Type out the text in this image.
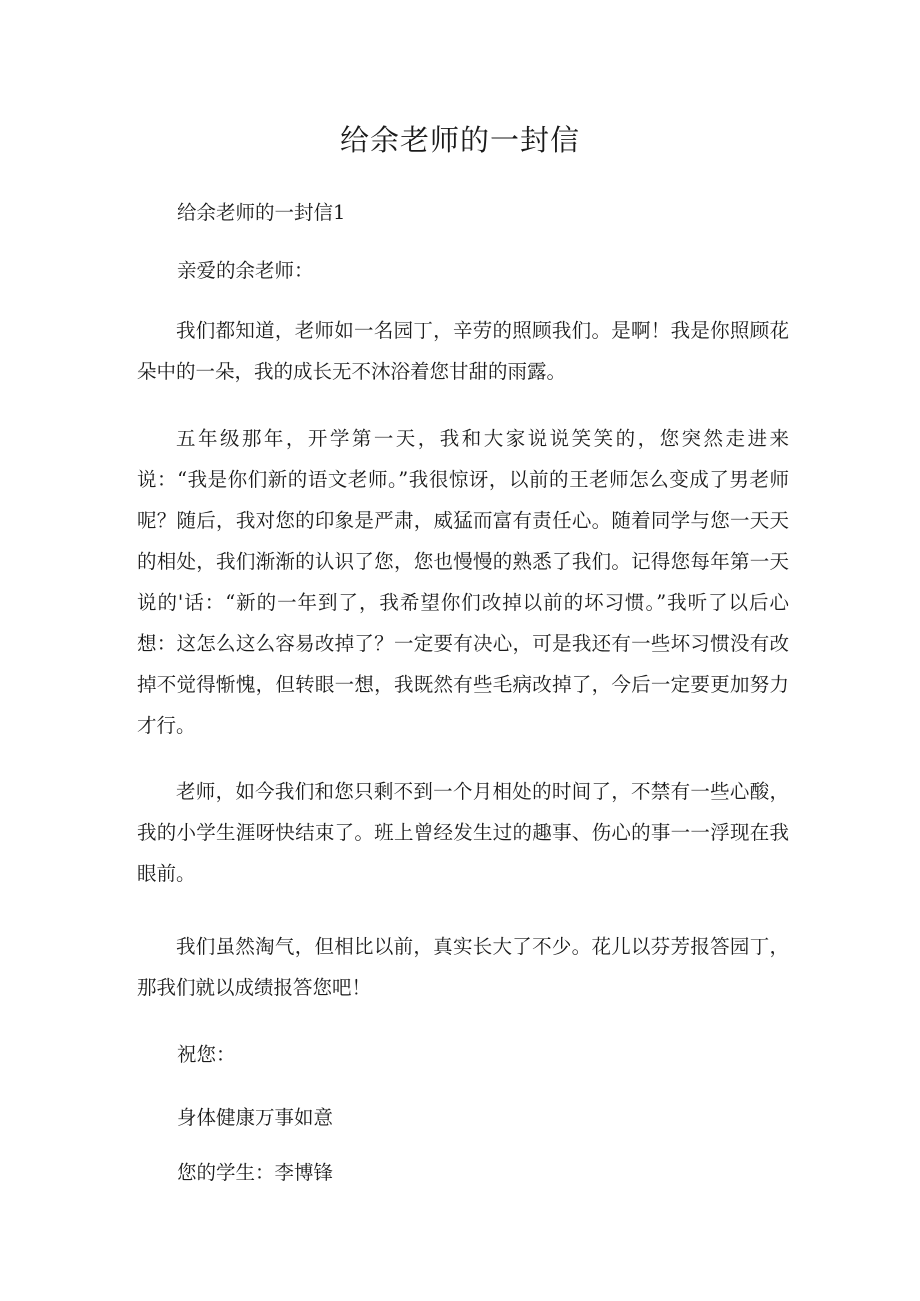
给余老师的一封信

给余老师的一封信1

亲爱的余老师：

我们都知道，老师如一名园丁，辛劳的照顾我们。是啊！我是你照顾花朵中的一朵，我的成长无不沐浴着您甘甜的雨露。

五年级那年，开学第一天，我和大家说说笑笑的，您突然走进来说：“我是你们新的语文老师。”我很惊讶，以前的王老师怎么变成了男老师呢？随后，我对您的印象是严肃，威猛而富有责任心。随着同学与您一天天的相处，我们渐渐的认识了您，您也慢慢的熟悉了我们。记得您每年第一天说的'话：“新的一年到了，我希望你们改掉以前的坏习惯。”我听了以后心想：这怎么这么容易改掉了？一定要有决心，可是我还有一些坏习惯没有改掉不觉得惭愧，但转眼一想，我既然有些毛病改掉了，今后一定要更加努力才行。

老师，如今我们和您只剩不到一个月相处的时间了，不禁有一些心酸，我的小学生涯呀快结束了。班上曾经发生过的趣事、伤心的事一一浮现在我眼前。

我们虽然淘气，但相比以前，真实长大了不少。花儿以芬芳报答园丁，那我们就以成绩报答您吧！

祝您：

身体健康万事如意

您的学生：李博锋
